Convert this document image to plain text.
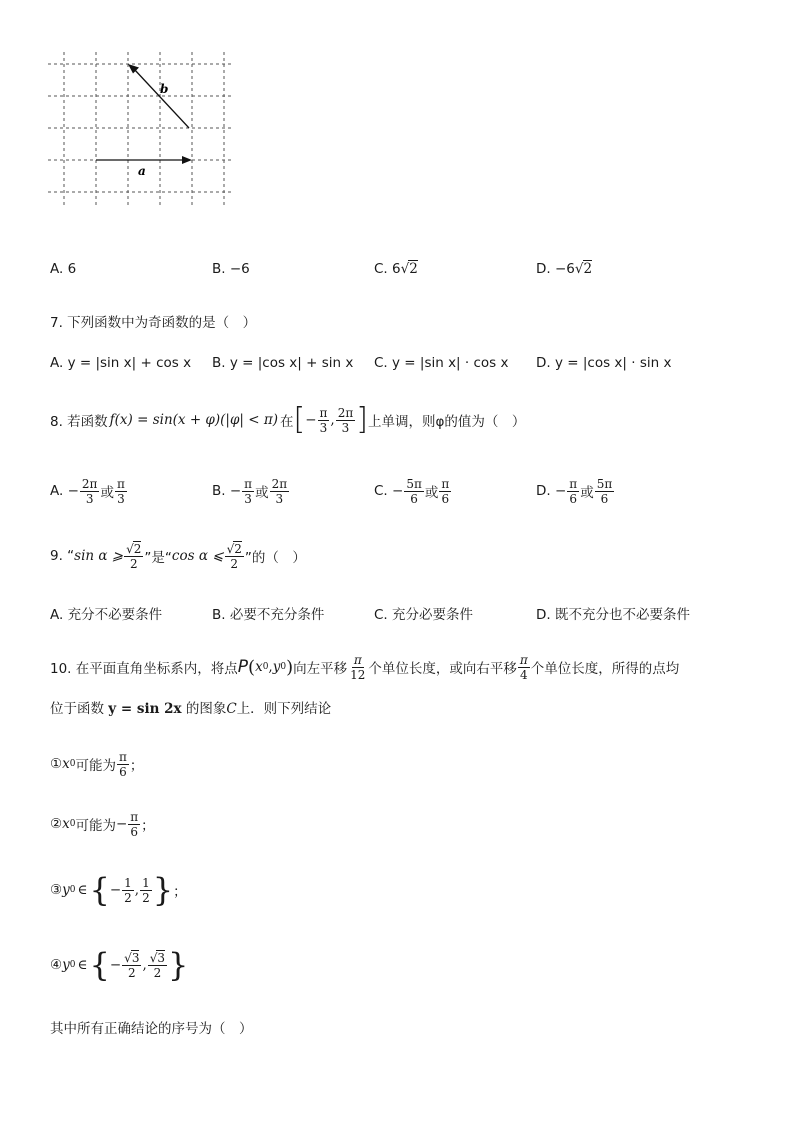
a
b
A. 6	B. −6	C. 6√2	D. −6√2
7. 下列函数中为奇函数的是（　）
A. y = |sin x| + cos x	B. y = |cos x| + sin x	C. y = |sin x| · cos x	D. y = |cos x| · sin x
8. 若函数 f(x) = sin(x + φ)(|φ| < π) 在 [ − $\frac{\pi}{3}$ , $\frac{2\pi}{3}$ ] 上单调，则φ的值为（　）
A.
− $\frac{2\pi}{3}$ 或 $\frac{\pi}{3}$	B.
− $\frac{\pi}{3}$ 或 $\frac{2\pi}{3}$	C.
− $\frac{5\pi}{6}$ 或 $\frac{\pi}{6}$	D.
− $\frac{\pi}{6}$ 或 $\frac{5\pi}{6}$
9. “ sin α ⩾ $\frac{√2}{2}$ ”是“ cos α ⩽ $\frac{√2}{2}$ ”的（　）
A. 充分不必要条件	B. 必要不充分条件	C. 充分必要条件	D. 既不充分也不必要条件
10. 在平面直角坐标系内，将点 P ( x 0 , y 0 ) 向左平移 $\frac{\pi}{12}$ 个单位长度，或向右平移 $\frac{\pi}{4}$ 个单位长度，所得的点均
位于函数 y = sin 2x 的图象C上．则下列结论
① x 0 可能为 $\frac{\pi}{6}$ ；
② x 0 可能为 − $\frac{\pi}{6}$ ；
③ y 0 ∈ { − $\frac{1}{2}$ , $\frac{1}{2}$ } ；
④ y 0 ∈ { − $\frac{√3}{2}$ , $\frac{√3}{2}$ }
其中所有正确结论的序号为（　）
